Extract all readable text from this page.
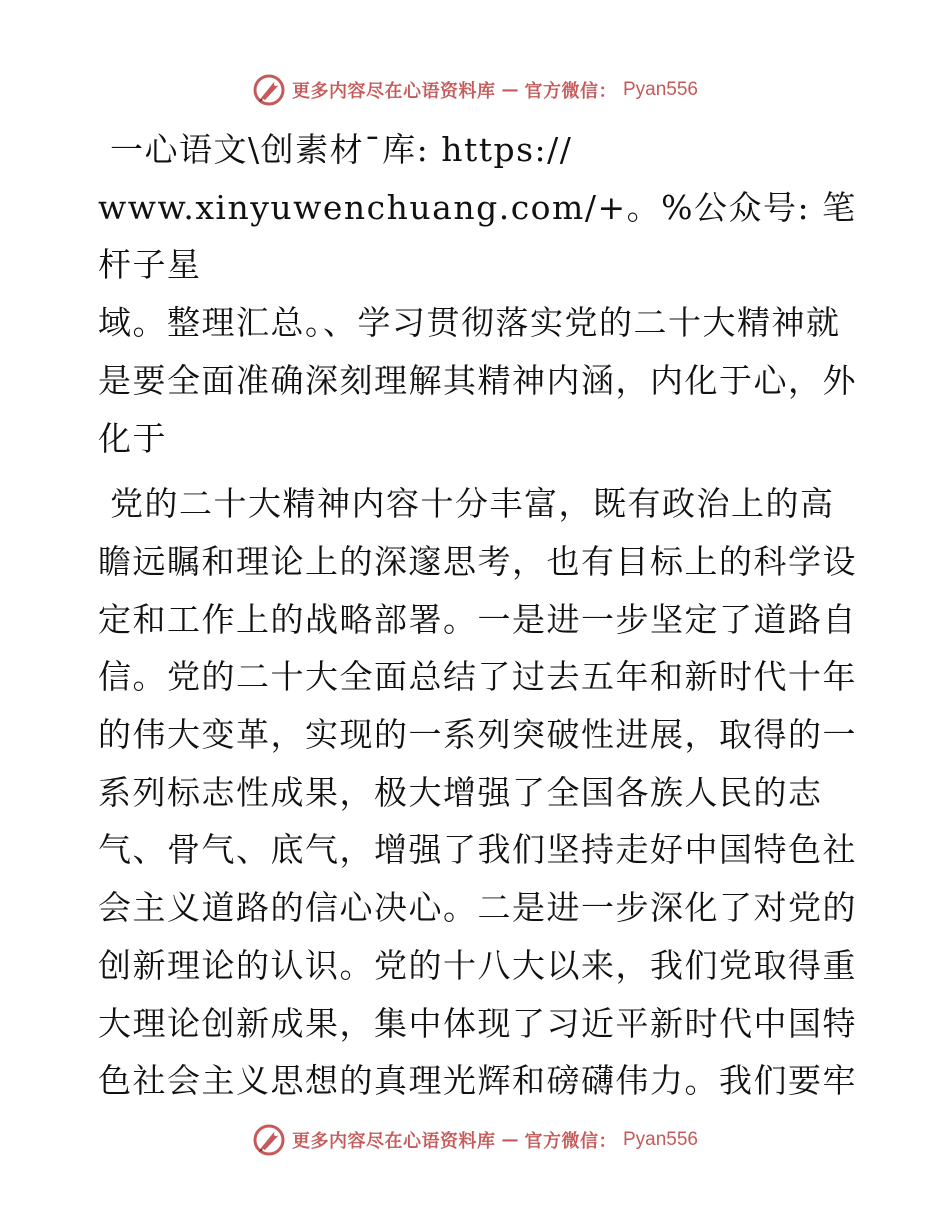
更多内容尽在心语资料库 — 官方微信： Pyan556

一心语文\创素材¯库: https://
www.xinyuwenchuang.com/+。%公众号: 笔杆子星
域。整理汇总。、学习贯彻落实党的二十大精神就
是要全面准确深刻理解其精神内涵，内化于心，外
化于

党的二十大精神内容十分丰富，既有政治上的高
瞻远瞩和理论上的深邃思考，也有目标上的科学设
定和工作上的战略部署。一是进一步坚定了道路自
信。党的二十大全面总结了过去五年和新时代十年
的伟大变革，实现的一系列突破性进展，取得的一
系列标志性成果，极大增强了全国各族人民的志
气、骨气、底气，增强了我们坚持走好中国特色社
会主义道路的信心决心。二是进一步深化了对党的
创新理论的认识。党的十八大以来，我们党取得重
大理论创新成果，集中体现了习近平新时代中国特
色社会主义思想的真理光辉和磅礴伟力。我们要牢

更多内容尽在心语资料库 — 官方微信： Pyan556
